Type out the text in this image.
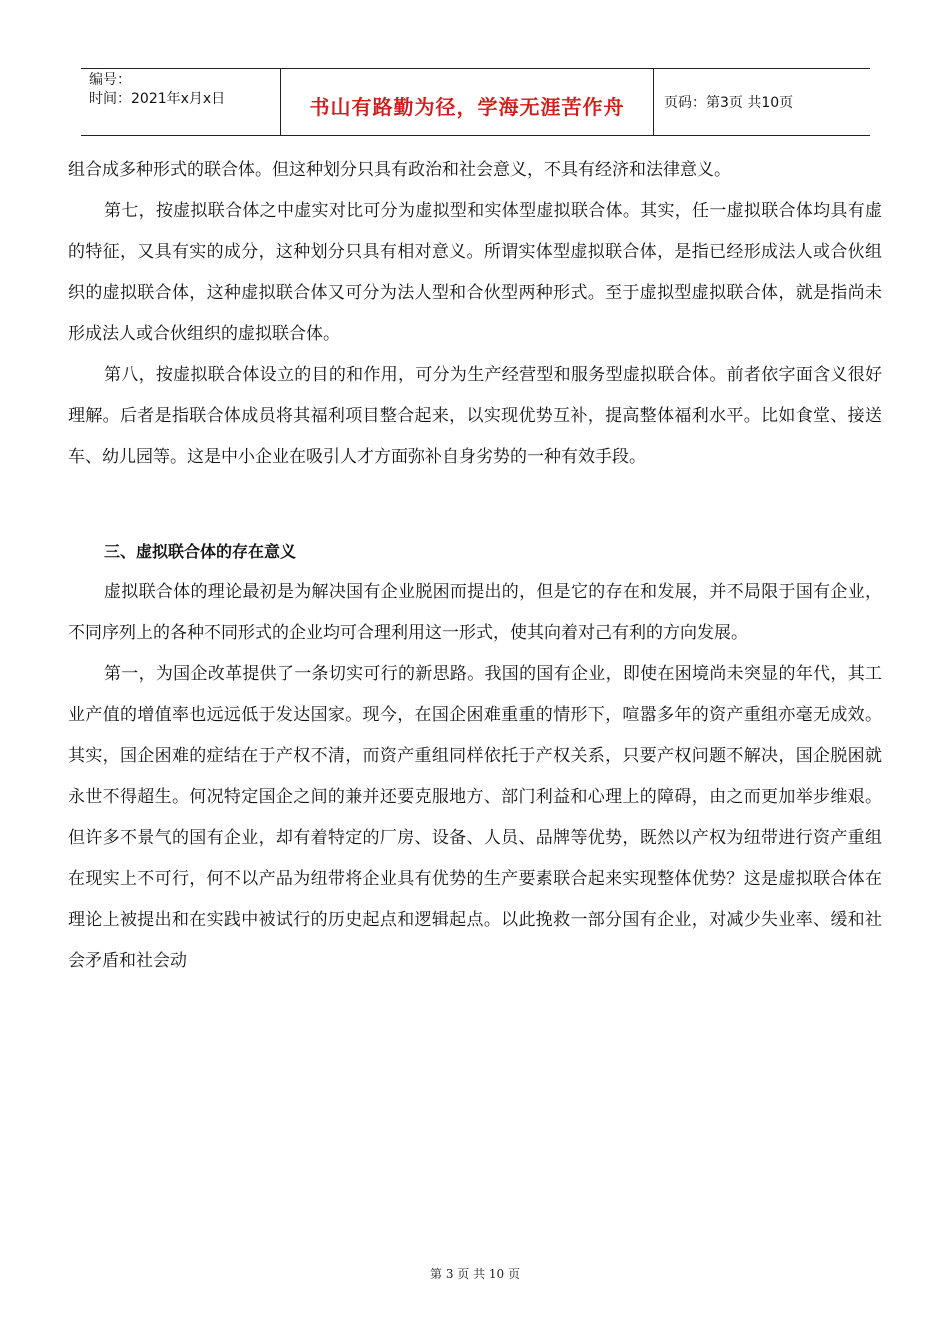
编号：
时间：2021年x月x日	书山有路勤为径，学海无涯苦作舟	页码：第3页 共10页

组合成多种形式的联合体。但这种划分只具有政治和社会意义，不具有经济和法律意义。

第七，按虚拟联合体之中虚实对比可分为虚拟型和实体型虚拟联合体。其实，任一虚拟联合体均具有虚的特征，又具有实的成分，这种划分只具有相对意义。所谓实体型虚拟联合体，是指已经形成法人或合伙组织的虚拟联合体，这种虚拟联合体又可分为法人型和合伙型两种形式。至于虚拟型虚拟联合体，就是指尚未形成法人或合伙组织的虚拟联合体。

第八，按虚拟联合体设立的目的和作用，可分为生产经营型和服务型虚拟联合体。前者依字面含义很好理解。后者是指联合体成员将其福利项目整合起来，以实现优势互补，提高整体福利水平。比如食堂、接送车、幼儿园等。这是中小企业在吸引人才方面弥补自身劣势的一种有效手段。

三、虚拟联合体的存在意义

虚拟联合体的理论最初是为解决国有企业脱困而提出的，但是它的存在和发展，并不局限于国有企业，不同序列上的各种不同形式的企业均可合理利用这一形式，使其向着对己有利的方向发展。

第一，为国企改革提供了一条切实可行的新思路。我国的国有企业，即使在困境尚未突显的年代，其工业产值的增值率也远远低于发达国家。现今，在国企困难重重的情形下，喧嚣多年的资产重组亦毫无成效。其实，国企困难的症结在于产权不清，而资产重组同样依托于产权关系，只要产权问题不解决，国企脱困就永世不得超生。何况特定国企之间的兼并还要克服地方、部门利益和心理上的障碍，由之而更加举步维艰。但许多不景气的国有企业，却有着特定的厂房、设备、人员、品牌等优势，既然以产权为纽带进行资产重组在现实上不可行，何不以产品为纽带将企业具有优势的生产要素联合起来实现整体优势？这是虚拟联合体在理论上被提出和在实践中被试行的历史起点和逻辑起点。以此挽救一部分国有企业，对减少失业率、缓和社会矛盾和社会动

第 3 页 共 10 页
